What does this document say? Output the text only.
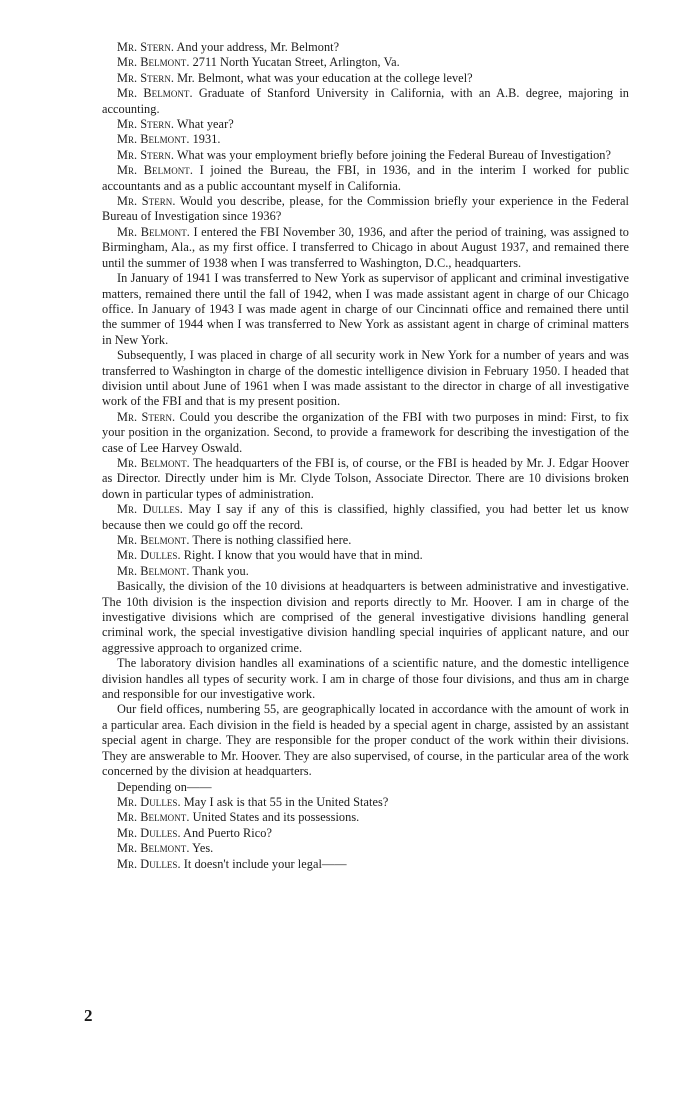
Mr. Stern. And your address, Mr. Belmont?

Mr. Belmont. 2711 North Yucatan Street, Arlington, Va.

Mr. Stern. Mr. Belmont, what was your education at the college level?

Mr. Belmont. Graduate of Stanford University in California, with an A.B. degree, majoring in accounting.

Mr. Stern. What year?

Mr. Belmont. 1931.

Mr. Stern. What was your employment briefly before joining the Federal Bureau of Investigation?

Mr. Belmont. I joined the Bureau, the FBI, in 1936, and in the interim I worked for public accountants and as a public accountant myself in California.

Mr. Stern. Would you describe, please, for the Commission briefly your experience in the Federal Bureau of Investigation since 1936?

Mr. Belmont. I entered the FBI November 30, 1936, and after the period of training, was assigned to Birmingham, Ala., as my first office. I transferred to Chicago in about August 1937, and remained there until the summer of 1938 when I was transferred to Washington, D.C., headquarters.

In January of 1941 I was transferred to New York as supervisor of applicant and criminal investigative matters, remained there until the fall of 1942, when I was made assistant agent in charge of our Chicago office. In January of 1943 I was made agent in charge of our Cincinnati office and remained there until the summer of 1944 when I was transferred to New York as assistant agent in charge of criminal matters in New York.

Subsequently, I was placed in charge of all security work in New York for a number of years and was transferred to Washington in charge of the domestic intelligence division in February 1950. I headed that division until about June of 1961 when I was made assistant to the director in charge of all investigative work of the FBI and that is my present position.

Mr. Stern. Could you describe the organization of the FBI with two purposes in mind: First, to fix your position in the organization. Second, to provide a framework for describing the investigation of the case of Lee Harvey Oswald.

Mr. Belmont. The headquarters of the FBI is, of course, or the FBI is headed by Mr. J. Edgar Hoover as Director. Directly under him is Mr. Clyde Tolson, Associate Director. There are 10 divisions broken down in particular types of administration.

Mr. Dulles. May I say if any of this is classified, highly classified, you had better let us know because then we could go off the record.

Mr. Belmont. There is nothing classified here.

Mr. Dulles. Right. I know that you would have that in mind.

Mr. Belmont. Thank you.

Basically, the division of the 10 divisions at headquarters is between administrative and investigative. The 10th division is the inspection division and reports directly to Mr. Hoover. I am in charge of the investigative divisions which are comprised of the general investigative divisions handling general criminal work, the special investigative division handling special inquiries of applicant nature, and our aggressive approach to organized crime.

The laboratory division handles all examinations of a scientific nature, and the domestic intelligence division handles all types of security work. I am in charge of those four divisions, and thus am in charge and responsible for our investigative work.

Our field offices, numbering 55, are geographically located in accordance with the amount of work in a particular area. Each division in the field is headed by a special agent in charge, assisted by an assistant special agent in charge. They are responsible for the proper conduct of the work within their divisions. They are answerable to Mr. Hoover. They are also supervised, of course, in the particular area of the work concerned by the division at headquarters.

Depending on——

Mr. Dulles. May I ask is that 55 in the United States?

Mr. Belmont. United States and its possessions.

Mr. Dulles. And Puerto Rico?

Mr. Belmont. Yes.

Mr. Dulles. It doesn't include your legal——

2
